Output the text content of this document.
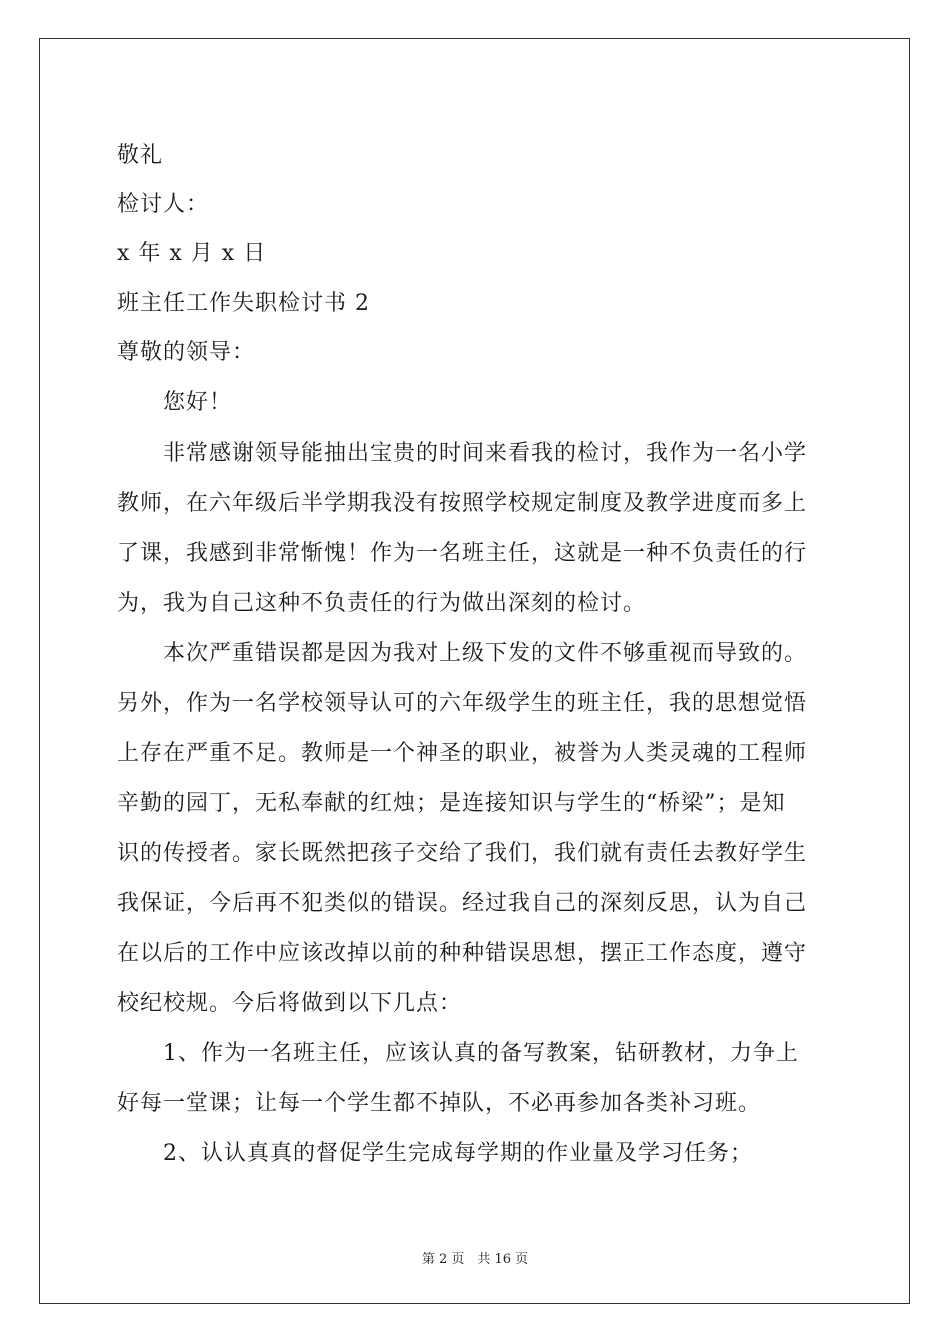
敬礼
检讨人：
x 年 x 月 x 日
班主任工作失职检讨书 2
尊敬的领导：
您好！
非常感谢领导能抽出宝贵的时间来看我的检讨，我作为一名小学
教师，在六年级后半学期我没有按照学校规定制度及教学进度而多上
了课，我感到非常惭愧！作为一名班主任，这就是一种不负责任的行
为，我为自己这种不负责任的行为做出深刻的检讨。
本次严重错误都是因为我对上级下发的文件不够重视而导致的。
另外，作为一名学校领导认可的六年级学生的班主任，我的思想觉悟
上存在严重不足。教师是一个神圣的职业，被誉为人类灵魂的工程师
辛勤的园丁，无私奉献的红烛；是连接知识与学生的“桥梁”；是知
识的传授者。家长既然把孩子交给了我们，我们就有责任去教好学生
我保证，今后再不犯类似的错误。经过我自己的深刻反思，认为自己
在以后的工作中应该改掉以前的种种错误思想，摆正工作态度，遵守
校纪校规。今后将做到以下几点：
1、作为一名班主任，应该认真的备写教案，钻研教材，力争上
好每一堂课；让每一个学生都不掉队，不必再参加各类补习班。
2、认认真真的督促学生完成每学期的作业量及学习任务；
第 2 页　共 16 页
